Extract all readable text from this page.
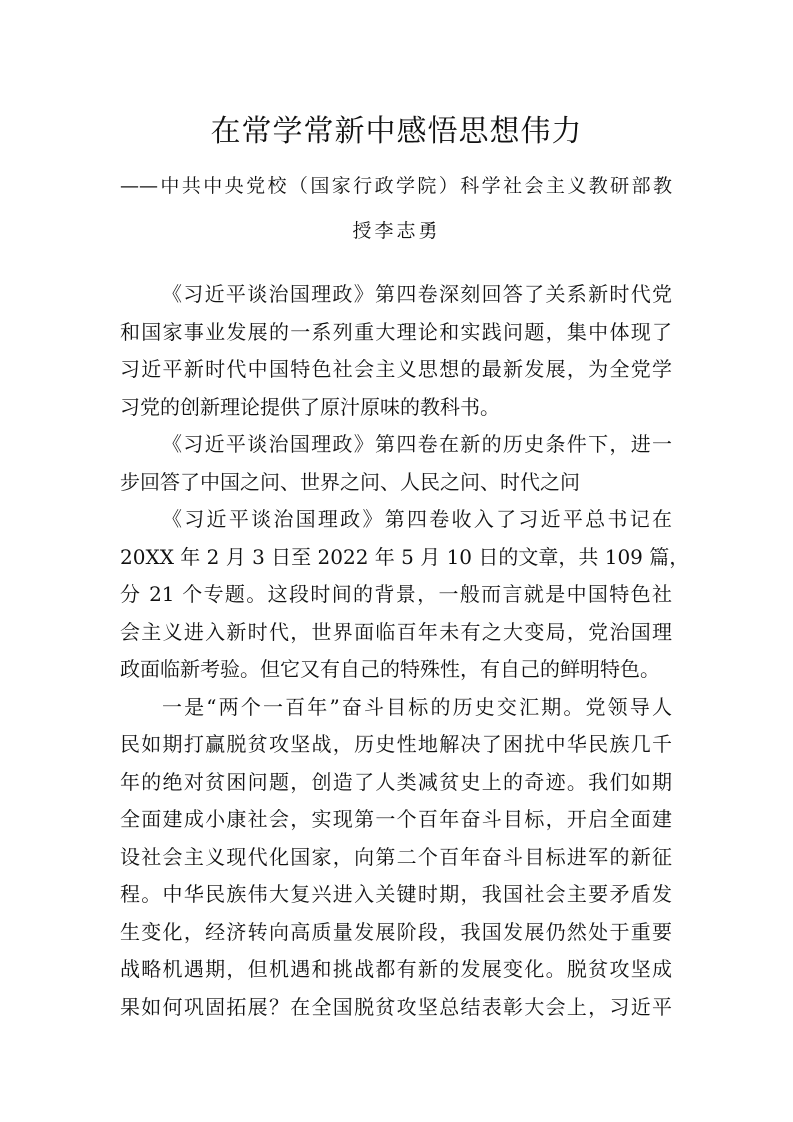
在常学常新中感悟思想伟力
——中共中央党校（国家行政学院）科学社会主义教研部教
授李志勇
《习近平谈治国理政》第四卷深刻回答了关系新时代党
和国家事业发展的一系列重大理论和实践问题，集中体现了
习近平新时代中国特色社会主义思想的最新发展，为全党学
习党的创新理论提供了原汁原味的教科书。
《习近平谈治国理政》第四卷在新的历史条件下，进一
步回答了中国之问、世界之问、人民之问、时代之问
《习近平谈治国理政》第四卷收入了习近平总书记在
20XX 年 2 月 3 日至 2022 年 5 月 10 日的文章，共 109 篇，
分 21 个专题。这段时间的背景，一般而言就是中国特色社
会主义进入新时代，世界面临百年未有之大变局，党治国理
政面临新考验。但它又有自己的特殊性，有自己的鲜明特色。
一是“两个一百年”奋斗目标的历史交汇期。党领导人
民如期打赢脱贫攻坚战，历史性地解决了困扰中华民族几千
年的绝对贫困问题，创造了人类减贫史上的奇迹。我们如期
全面建成小康社会，实现第一个百年奋斗目标，开启全面建
设社会主义现代化国家，向第二个百年奋斗目标进军的新征
程。中华民族伟大复兴进入关键时期，我国社会主要矛盾发
生变化，经济转向高质量发展阶段，我国发展仍然处于重要
战略机遇期，但机遇和挑战都有新的发展变化。脱贫攻坚成
果如何巩固拓展？在全国脱贫攻坚总结表彰大会上，习近平
